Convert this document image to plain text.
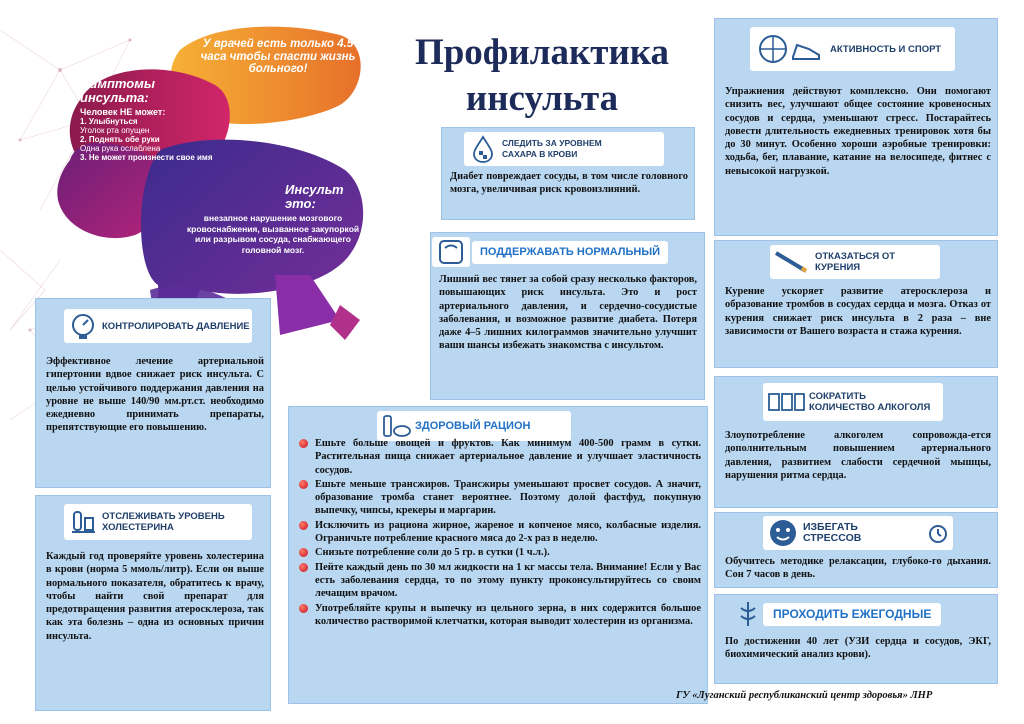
У врачей есть только 4.5 часа чтобы спасти жизнь больного!
Симптомы инсульта:
Человек НЕ может:
1. Улыбнуться
Уголок рта опущен
2. Поднять обе руки
Одна рука ослаблена
3. Не может произнести свое имя
Инсульт это:
внезапное нарушение мозгового кровоснабжения, вызванное закупоркой или разрывом сосуда, снабжающего головной мозг.
Профилактика инсульта
КОНТРОЛИРОВАТЬ ДАВЛЕНИЕ
Эффективное лечение артериальной гипертонии вдвое снижает риск инсульта. С целью устойчивого поддержания давления на уровне не выше 140/90 мм.рт.ст. необходимо ежедневно принимать препараты, препятствующие его повышению.
ОТСЛЕЖИВАТЬ УРОВЕНЬ ХОЛЕСТЕРИНА
Каждый год проверяйте уровень холестерина в крови (норма 5 ммоль/литр). Если он выше нормального показателя, обратитесь к врачу, чтобы найти свой препарат для предотвращения развития атеросклероза, так как эта болезнь – одна из основных причин инсульта.
СЛЕДИТЬ ЗА УРОВНЕМ САХАРА В КРОВИ
Диабет повреждает сосуды, в том числе головного мозга, увеличивая риск кровоизлияний.
ПОДДЕРЖАВАТЬ НОРМАЛЬНЫЙ
Лишний вес тянет за собой сразу несколько факторов, повышающих риск инсульта. Это и рост артериального давления, и сердечно-сосудистые заболевания, и возможное развитие диабета. Потеря даже 4–5 лишних килограммов значительно улучшит ваши шансы избежать знакомства с инсультом.
ЗДОРОВЫЙ РАЦИОН
Ешьте больше овощей и фруктов. Как минимум 400-500 грамм в сутки. Растительная пища снижает артериальное давление и улучшает эластичность сосудов.
Ешьте меньше трансжиров. Трансжиры уменьшают просвет сосудов. А значит, образование тромба станет вероятнее. Поэтому долой фастфуд, покупную выпечку, чипсы, крекеры и маргарин.
Исключить из рациона жирное, жареное и копченое мясо, колбасные изделия. Ограничьте потребление красного мяса до 2-х раз в неделю.
Снизьте потребление соли до 5 гр. в сутки (1 ч.л.).
Пейте каждый день по 30 мл жидкости на 1 кг массы тела. Внимание! Если у Вас есть заболевания сердца, то по этому пункту проконсультируйтесь со своим лечащим врачом.
Употребляйте крупы и выпечку из цельного зерна, в них содержится большое количество растворимой клетчатки, которая выводит холестерин из организма.
АКТИВНОСТЬ И СПОРТ
Упражнения действуют комплексно. Они помогают снизить вес, улучшают общее состояние кровеносных сосудов и сердца, уменьшают стресс. Постарайтесь довести длительность ежедневных тренировок хотя бы до 30 минут. Особенно хороши аэробные тренировки: ходьба, бег, плавание, катание на велосипеде, фитнес с невысокой нагрузкой.
ОТКАЗАТЬСЯ ОТ КУРЕНИЯ
Курение ускоряет развитие атеросклероза и образование тромбов в сосудах сердца и мозга. Отказ от курения снижает риск инсульта в 2 раза – вне зависимости от Вашего возраста и стажа курения.
СОКРАТИТЬ КОЛИЧЕСТВО АЛКОГОЛЯ
Злоупотребление алкоголем сопровожда-ется дополнительным повышением артериального давления, развитием слабости сердечной мышцы, нарушения ритма сердца.
ИЗБЕГАТЬ СТРЕССОВ
Обучитесь методике релаксации, глубоко-го дыхания. Сон 7 часов в день.
ПРОХОДИТЬ ЕЖЕГОДНЫЕ
По достижении 40 лет (УЗИ сердца и сосудов, ЭКГ, биохимический анализ крови).
ГУ «Луганский республиканский центр здоровья» ЛНР
